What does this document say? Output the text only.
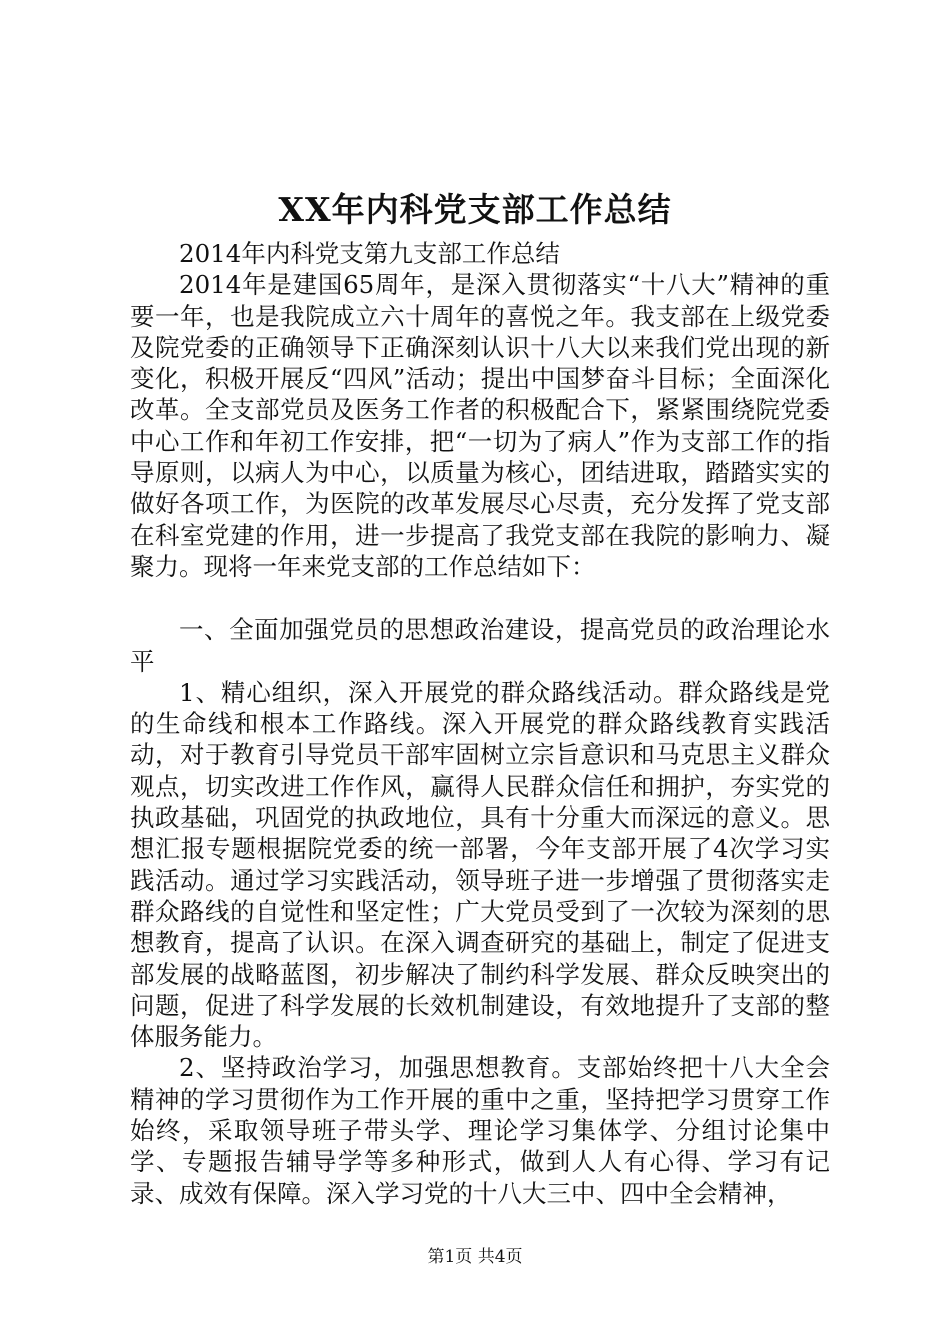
XX年内科党支部工作总结

2014年内科党支第九支部工作总结

2014年是建国65周年，是深入贯彻落实“十八大”精神的重要一年，也是我院成立六十周年的喜悦之年。我支部在上级党委及院党委的正确领导下正确深刻认识十八大以来我们党出现的新变化，积极开展反“四风”活动；提出中国梦奋斗目标；全面深化改革。全支部党员及医务工作者的积极配合下，紧紧围绕院党委中心工作和年初工作安排，把“一切为了病人”作为支部工作的指导原则，以病人为中心，以质量为核心，团结进取，踏踏实实的做好各项工作，为医院的改革发展尽心尽责，充分发挥了党支部在科室党建的作用，进一步提高了我党支部在我院的影响力、凝聚力。现将一年来党支部的工作总结如下：

一、全面加强党员的思想政治建设，提高党员的政治理论水平

1、精心组织，深入开展党的群众路线活动。群众路线是党的生命线和根本工作路线。深入开展党的群众路线教育实践活动，对于教育引导党员干部牢固树立宗旨意识和马克思主义群众观点，切实改进工作作风，赢得人民群众信任和拥护，夯实党的执政基础，巩固党的执政地位，具有十分重大而深远的意义。思想汇报专题根据院党委的统一部署，今年支部开展了4次学习实践活动。通过学习实践活动，领导班子进一步增强了贯彻落实走群众路线的自觉性和坚定性；广大党员受到了一次较为深刻的思想教育，提高了认识。在深入调查研究的基础上，制定了促进支部发展的战略蓝图，初步解决了制约科学发展、群众反映突出的问题，促进了科学发展的长效机制建设，有效地提升了支部的整体服务能力。

2、坚持政治学习，加强思想教育。支部始终把十八大全会精神的学习贯彻作为工作开展的重中之重，坚持把学习贯穿工作始终，采取领导班子带头学、理论学习集体学、分组讨论集中学、专题报告辅导学等多种形式，做到人人有心得、学习有记录、成效有保障。深入学习党的十八大三中、四中全会精神，

第1页 共4页
